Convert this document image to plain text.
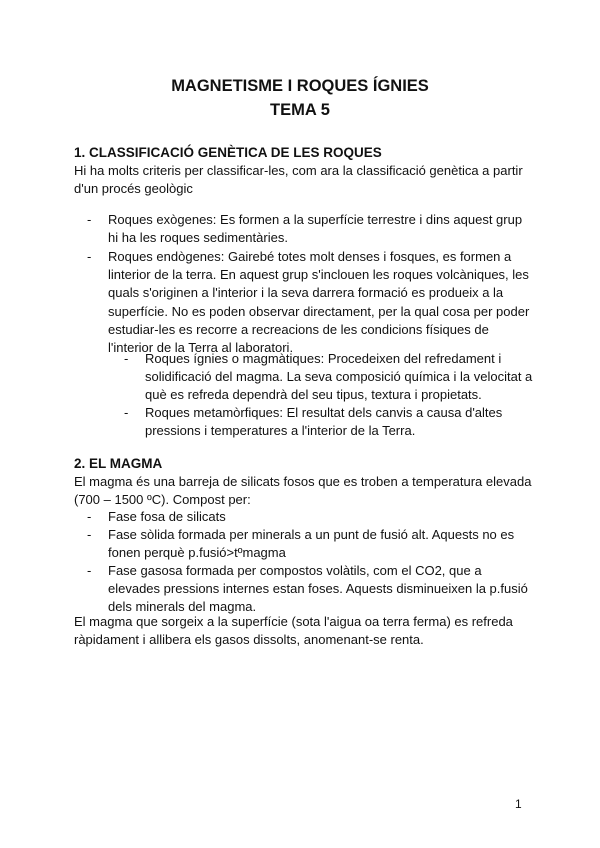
MAGNETISME I ROQUES ÍGNIES
TEMA 5
1. CLASSIFICACIÓ GENÈTICA DE LES ROQUES

Hi ha molts criteris per classificar-les, com ara la classificació genètica a partir d'un procés geològic

- Roques exògenes: Es formen a la superfície terrestre i dins aquest grup hi ha les roques sedimentàries.
- Roques endògenes: Gairebé totes molt denses i fosques, es formen a linterior de la terra. En aquest grup s'inclouen les roques volcàniques, les quals s'originen a l'interior i la seva darrera formació es produeix a la superfície. No es poden observar directament, per la qual cosa per poder estudiar-les es recorre a recreacions de les condicions físiques de l'interior de la Terra al laboratori.
- Roques ígnies o magmàtiques: Procedeixen del refredament i solidificació del magma. La seva composició química i la velocitat a què es refreda dependrà del seu tipus, textura i propietats.
- Roques metamòrfiques: El resultat dels canvis a causa d'altes pressions i temperatures a l'interior de la Terra.
2. EL MAGMA

El magma és una barreja de silicats fosos que es troben a temperatura elevada (700 – 1500 ºC). Compost per:

- Fase fosa de silicats
- Fase sòlida formada per minerals a un punt de fusió alt. Aquests no es fonen perquè p.fusió>tºmagma
- Fase gasosa formada per compostos volàtils, com el CO2, que a elevades pressions internes estan foses. Aquests disminueixen la p.fusió dels minerals del magma.

El magma que sorgeix a la superfície (sota l'aigua oa terra ferma) es refreda ràpidament i allibera els gasos dissolts, anomenant-se renta.

1
